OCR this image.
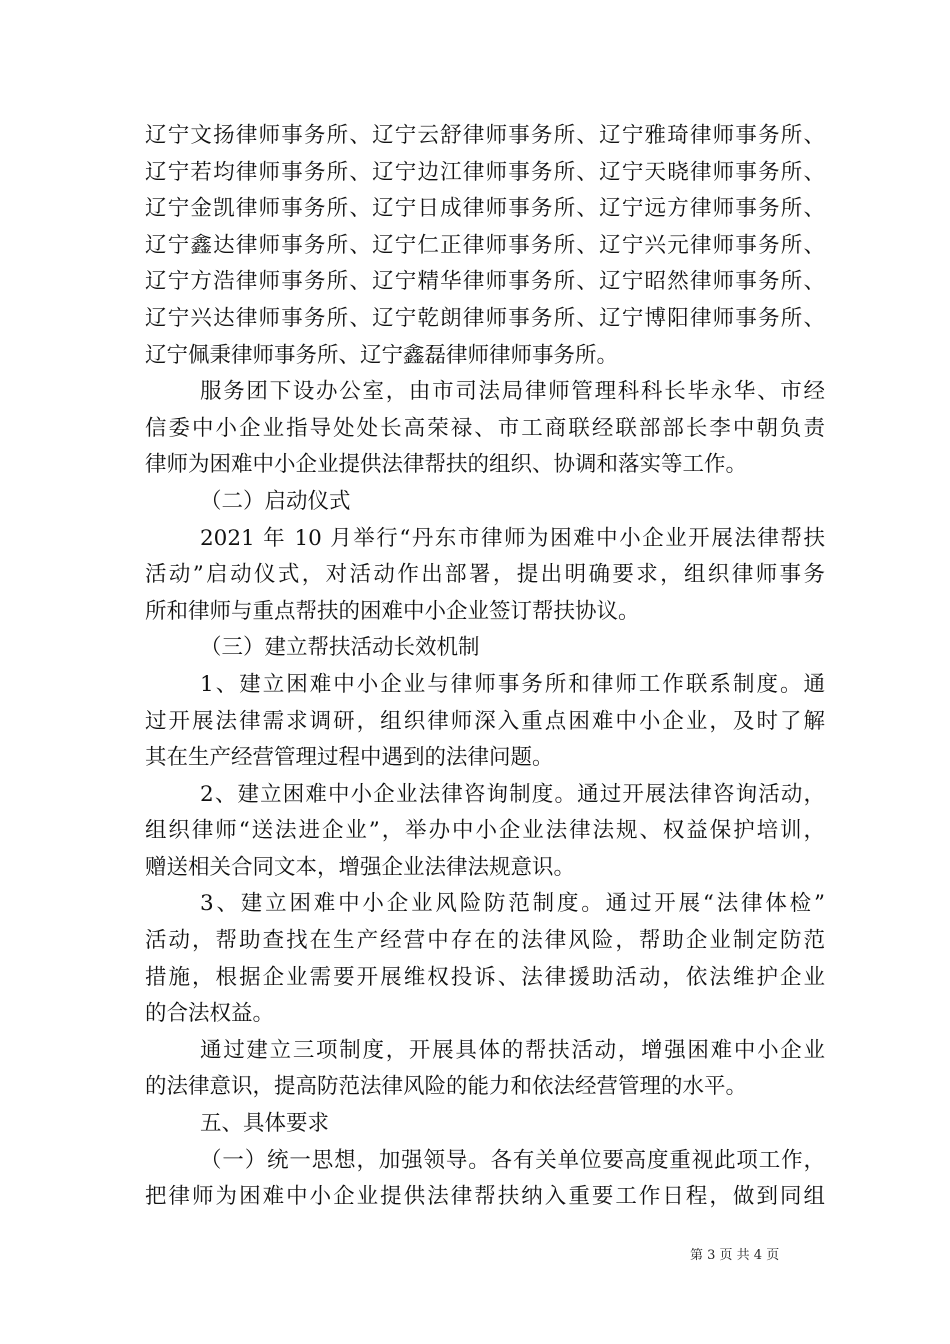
辽宁文扬律师事务所、辽宁云舒律师事务所、辽宁雅琦律师事务所、
辽宁若均律师事务所、辽宁边江律师事务所、辽宁天晓律师事务所、
辽宁金凯律师事务所、辽宁日成律师事务所、辽宁远方律师事务所、
辽宁鑫达律师事务所、辽宁仁正律师事务所、辽宁兴元律师事务所、
辽宁方浩律师事务所、辽宁精华律师事务所、辽宁昭然律师事务所、
辽宁兴达律师事务所、辽宁乾朗律师事务所、辽宁博阳律师事务所、
辽宁佩秉律师事务所、辽宁鑫磊律师律师事务所。
服务团下设办公室，由市司法局律师管理科科长毕永华、市经
信委中小企业指导处处长高荣禄、市工商联经联部部长李中朝负责
律师为困难中小企业提供法律帮扶的组织、协调和落实等工作。
（二）启动仪式
2021 年 10 月举行“丹东市律师为困难中小企业开展法律帮扶
活动”启动仪式，对活动作出部署，提出明确要求，组织律师事务
所和律师与重点帮扶的困难中小企业签订帮扶协议。
（三）建立帮扶活动长效机制
1、建立困难中小企业与律师事务所和律师工作联系制度。通
过开展法律需求调研，组织律师深入重点困难中小企业，及时了解
其在生产经营管理过程中遇到的法律问题。
2、建立困难中小企业法律咨询制度。通过开展法律咨询活动，
组织律师“送法进企业”，举办中小企业法律法规、权益保护培训，
赠送相关合同文本，增强企业法律法规意识。
3、建立困难中小企业风险防范制度。通过开展“法律体检”
活动，帮助查找在生产经营中存在的法律风险，帮助企业制定防范
措施，根据企业需要开展维权投诉、法律援助活动，依法维护企业
的合法权益。
通过建立三项制度，开展具体的帮扶活动，增强困难中小企业
的法律意识，提高防范法律风险的能力和依法经营管理的水平。
五、具体要求
（一）统一思想，加强领导。各有关单位要高度重视此项工作，
把律师为困难中小企业提供法律帮扶纳入重要工作日程，做到同组
第 3 页 共 4 页
